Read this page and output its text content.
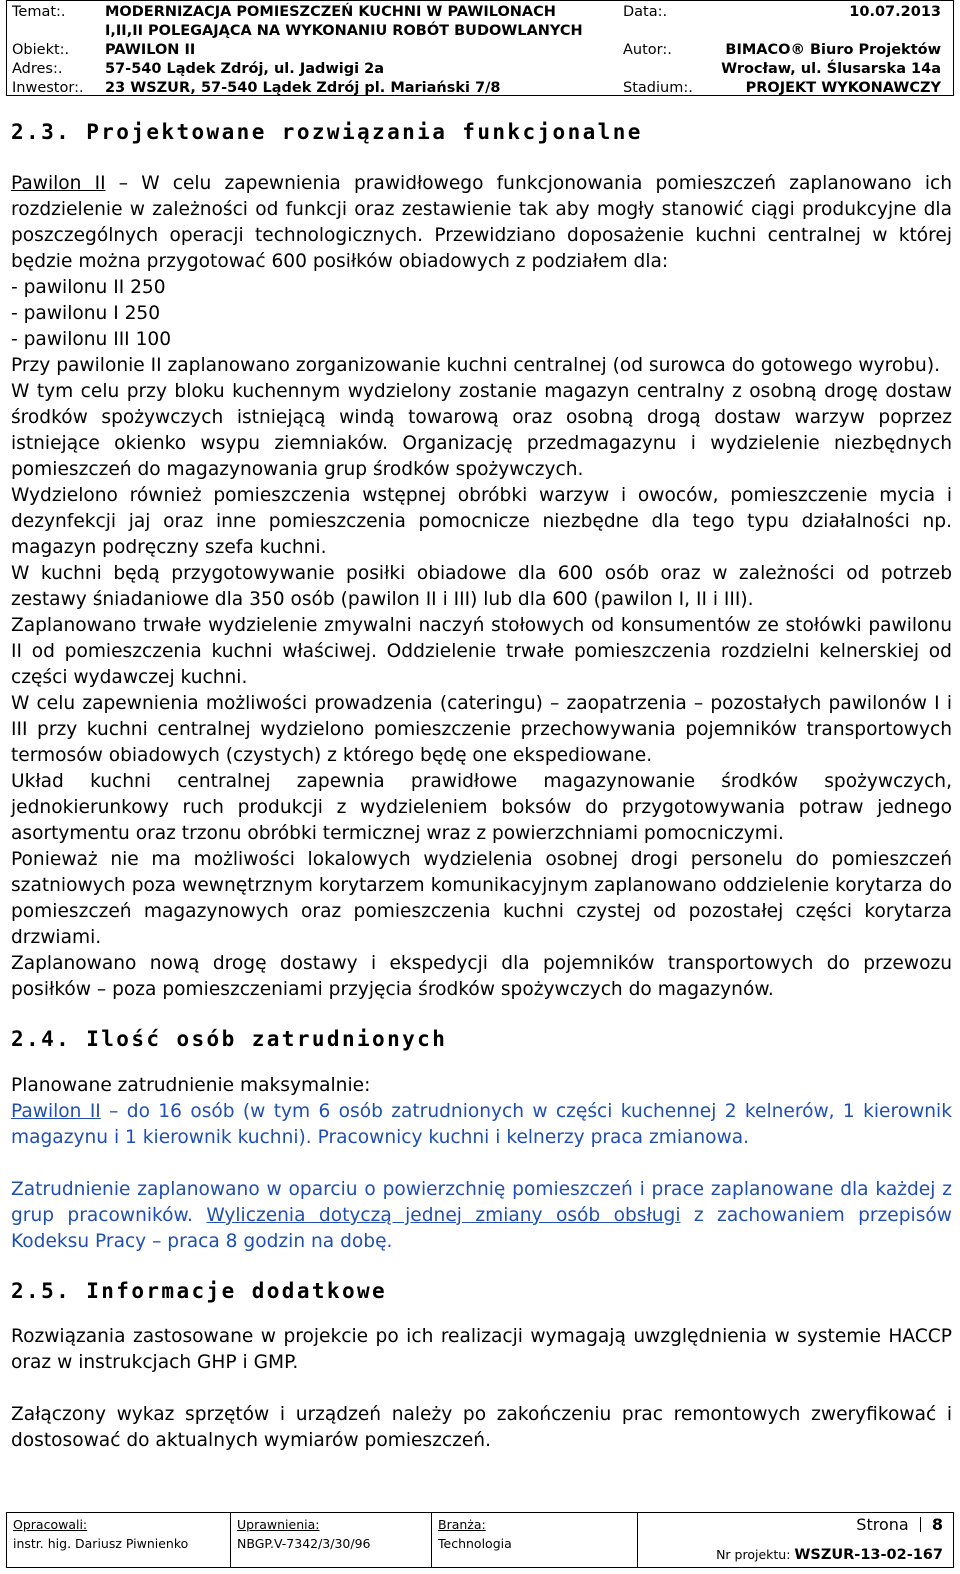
Temat:.
Obiekt:.
Adres:.
Inwestor:.
MODERNIZACJA POMIESZCZEŃ KUCHNI W PAWILONACH
I,II,II POLEGAJĄCA NA WYKONANIU ROBÓT BUDOWLANYCH
PAWILON II
57-540 Lądek Zdrój, ul. Jadwigi 2a
23 WSZUR, 57-540 Lądek Zdrój pl. Mariański 7/8
Data:.
Autor:.
Stadium:.
10.07.2013
BIMACO® Biuro Projektów
Wrocław, ul. Ślusarska 14a
PROJEKT WYKONAWCZY
2.3. Projektowane rozwiązania funkcjonalne

Pawilon II – W celu zapewnienia prawidłowego funkcjonowania pomieszczeń zaplanowano ich rozdzielenie w zależności od funkcji oraz zestawienie tak aby mogły stanowić ciągi produkcyjne dla poszczególnych operacji technologicznych. Przewidziano doposażenie kuchni centralnej w której będzie można przygotować 600 posiłków obiadowych z podziałem dla:

- pawilonu II 250

- pawilonu I 250

- pawilonu III 100

Przy pawilonie II zaplanowano zorganizowanie kuchni centralnej (od surowca do gotowego wyrobu).

W tym celu przy bloku kuchennym wydzielony zostanie magazyn centralny z osobną drogę dostaw środków spożywczych istniejącą windą towarową oraz osobną drogą dostaw warzyw poprzez istniejące okienko wsypu ziemniaków. Organizację przedmagazynu i wydzielenie niezbędnych pomieszczeń do magazynowania grup środków spożywczych.

Wydzielono również pomieszczenia wstępnej obróbki warzyw i owoców, pomieszczenie mycia i dezynfekcji jaj oraz inne pomieszczenia pomocnicze niezbędne dla tego typu działalności np. magazyn podręczny szefa kuchni.

W kuchni będą przygotowywanie posiłki obiadowe dla 600 osób oraz w zależności od potrzeb zestawy śniadaniowe dla 350 osób (pawilon II i III) lub dla 600 (pawilon I, II i III).

Zaplanowano trwałe wydzielenie zmywalni naczyń stołowych od konsumentów ze stołówki pawilonu II od pomieszczenia kuchni właściwej. Oddzielenie trwałe pomieszczenia rozdzielni kelnerskiej od części wydawczej kuchni.

W celu zapewnienia możliwości prowadzenia (cateringu) – zaopatrzenia – pozostałych pawilonów I i III przy kuchni centralnej wydzielono pomieszczenie przechowywania pojemników transportowych termosów obiadowych (czystych) z którego będę one ekspediowane.

Układ kuchni centralnej zapewnia prawidłowe magazynowanie środków spożywczych, jednokierunkowy ruch produkcji z wydzieleniem boksów do przygotowywania potraw jednego asortymentu oraz trzonu obróbki termicznej wraz z powierzchniami pomocniczymi.

Ponieważ nie ma możliwości lokalowych wydzielenia osobnej drogi personelu do pomieszczeń szatniowych poza wewnętrznym korytarzem komunikacyjnym zaplanowano oddzielenie korytarza do pomieszczeń magazynowych oraz pomieszczenia kuchni czystej od pozostałej części korytarza drzwiami.

Zaplanowano nową drogę dostawy i ekspedycji dla pojemników transportowych do przewozu posiłków – poza pomieszczeniami przyjęcia środków spożywczych do magazynów.

2.4. Ilość osób zatrudnionych

Planowane zatrudnienie maksymalnie:

Pawilon II – do 16 osób (w tym 6 osób zatrudnionych w części kuchennej 2 kelnerów, 1 kierownik magazynu i 1 kierownik kuchni). Pracownicy kuchni i kelnerzy praca zmianowa.

Zatrudnienie zaplanowano w oparciu o powierzchnię pomieszczeń i prace zaplanowane dla każdej z grup pracowników. Wyliczenia dotyczą jednej zmiany osób obsługi z zachowaniem przepisów Kodeksu Pracy – praca 8 godzin na dobę.

2.5. Informacje dodatkowe

Rozwiązania zastosowane w projekcie po ich realizacji wymagają uwzględnienia w systemie HACCP oraz w instrukcjach GHP i GMP.

Załączony wykaz sprzętów i urządzeń należy po zakończeniu prac remontowych zweryfikować i dostosować do aktualnych wymiarów pomieszczeń.

Opracowali:
instr. hig. Dariusz Piwnienko
Uprawnienia:
NBGP.V-7342/3/30/96
Branża:
Technologia
Strona 8
Nr projektu: WSZUR-13-02-167
